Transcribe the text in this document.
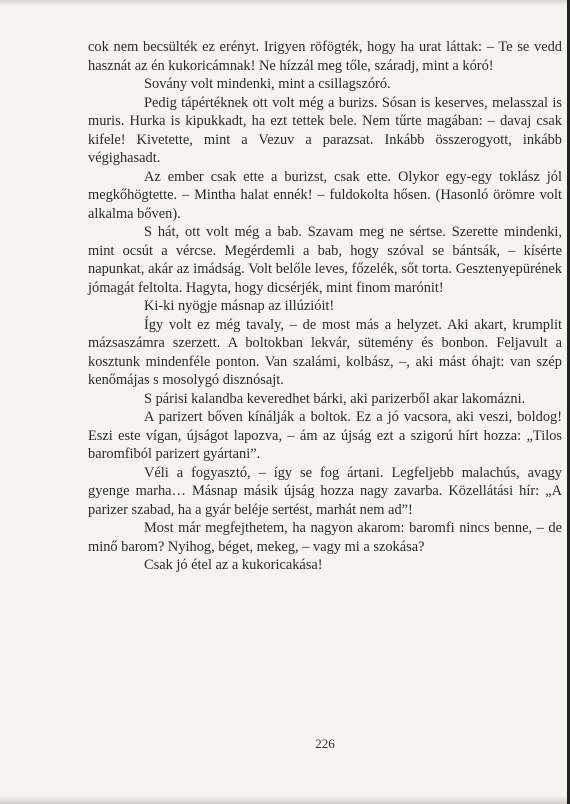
cok nem becsülték ez erényt. Irigyen röfögték, hogy ha urat láttak: – Te se vedd hasznát az én kukoricámnak! Ne hízzál meg tőle, száradj, mint a kóró!

Sovány volt mindenki, mint a csillagszóró.

Pedig tápértéknek ott volt még a burizs. Sósan is keserves, melasszal is muris. Hurka is kipukkadt, ha ezt tettek bele. Nem tűrte magában: – davaj csak kifele! Kivetette, mint a Vezuv a parazsat. Inkább összerogyott, inkább végighasadt.

Az ember csak ette a burizst, csak ette. Olykor egy-egy toklász jól megkőhögtette. – Mintha halat ennék! – fuldokolta hősen. (Hasonló örömre volt alkalma bőven).

S hát, ott volt még a bab. Szavam meg ne sértse. Szerette mindenki, mint ocsút a vércse. Megérdemli a bab, hogy szóval se bántsák, – kísérte napunkat, akár az imádság. Volt belőle leves, főzelék, sőt torta. Gesztenyepürének jómagát feltolta. Hagyta, hogy dicsérjék, mint finom marónit!

Ki-ki nyögje másnap az illúzióit!

Így volt ez még tavaly, – de most más a helyzet. Aki akart, krumplit mázsaszámra szerzett. A boltokban lekvár, sütemény és bonbon. Feljavult a kosztunk mindenféle ponton. Van szalámi, kolbász, –, aki mást óhajt: van szép kenőmájas s mosolygó disznósajt.

S párisi kalandba keveredhet bárki, aki parizerből akar lakomázni.

A parizert bőven kínálják a boltok. Ez a jó vacsora, aki veszi, boldog! Eszi este vígan, újságot lapozva, – ám az újság ezt a szigorú hírt hozza: „Tilos baromfiból parizert gyártani”.

Véli a fogyasztó, – így se fog ártani. Legfeljebb malachús, avagy gyenge marha… Másnap másik újság hozza nagy zavarba. Közellátási hír: „A parizer szabad, ha a gyár beléje sertést, marhát nem ad”!

Most már megfejthetem, ha nagyon akarom: baromfi nincs benne, – de minő barom? Nyihog, béget, mekeg, – vagy mi a szokása?

Csak jó étel az a kukoricakása!

226
